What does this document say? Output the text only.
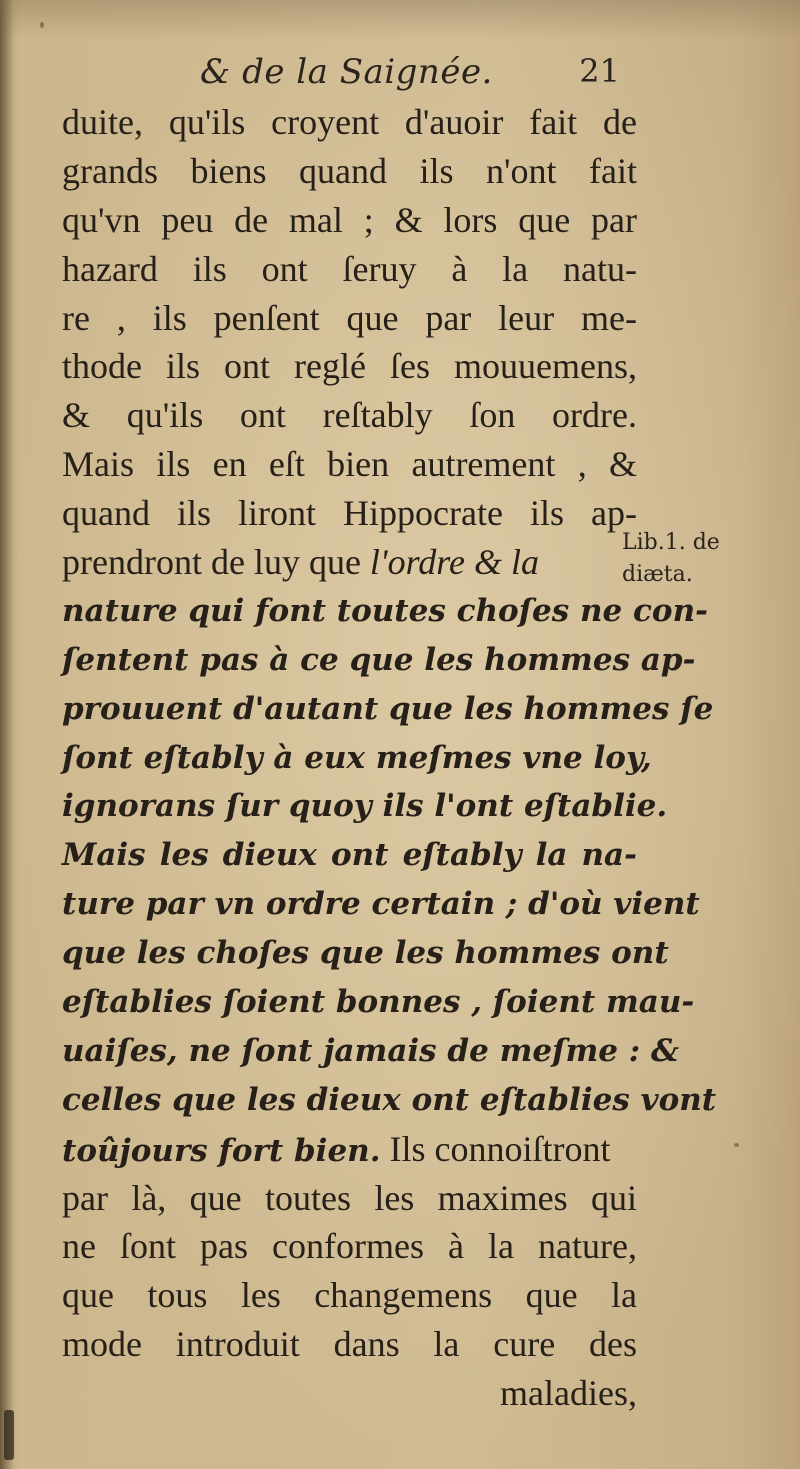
& de la Saignée.	21
duite, qu'ils croyent d'auoir fait de
grands biens quand ils n'ont fait
qu'vn peu de mal ; & lors que par
hazard ils ont ſeruy à la natu-
re , ils penſent que par leur me-
thode ils ont reglé ſes mouuemens,
& qu'ils ont reſtably ſon ordre.
Mais ils en eſt bien autrement , &
quand ils liront Hippocrate ils ap-
prendront de luy que l'ordre & la
nature qui font toutes choſes ne con-
ſentent pas à ce que les hommes ap-
prouuent d'autant que les hommes ſe
ſont eſtably à eux meſmes vne loy,
ignorans ſur quoy ils l'ont eſtablie.
Mais les dieux ont eſtably la na-
ture par vn ordre certain ; d'où vient
que les choſes que les hommes ont
eſtablies ſoient bonnes , ſoient mau-
uaiſes, ne ſont jamais de meſme : &
celles que les dieux ont eſtablies vont
toûjours fort bien. Ils connoiſtront
par là, que toutes les maximes qui
ne ſont pas conformes à la nature,
que tous les changemens que la
mode introduit dans la cure des
maladies,
Lib.1. de
diæta.
